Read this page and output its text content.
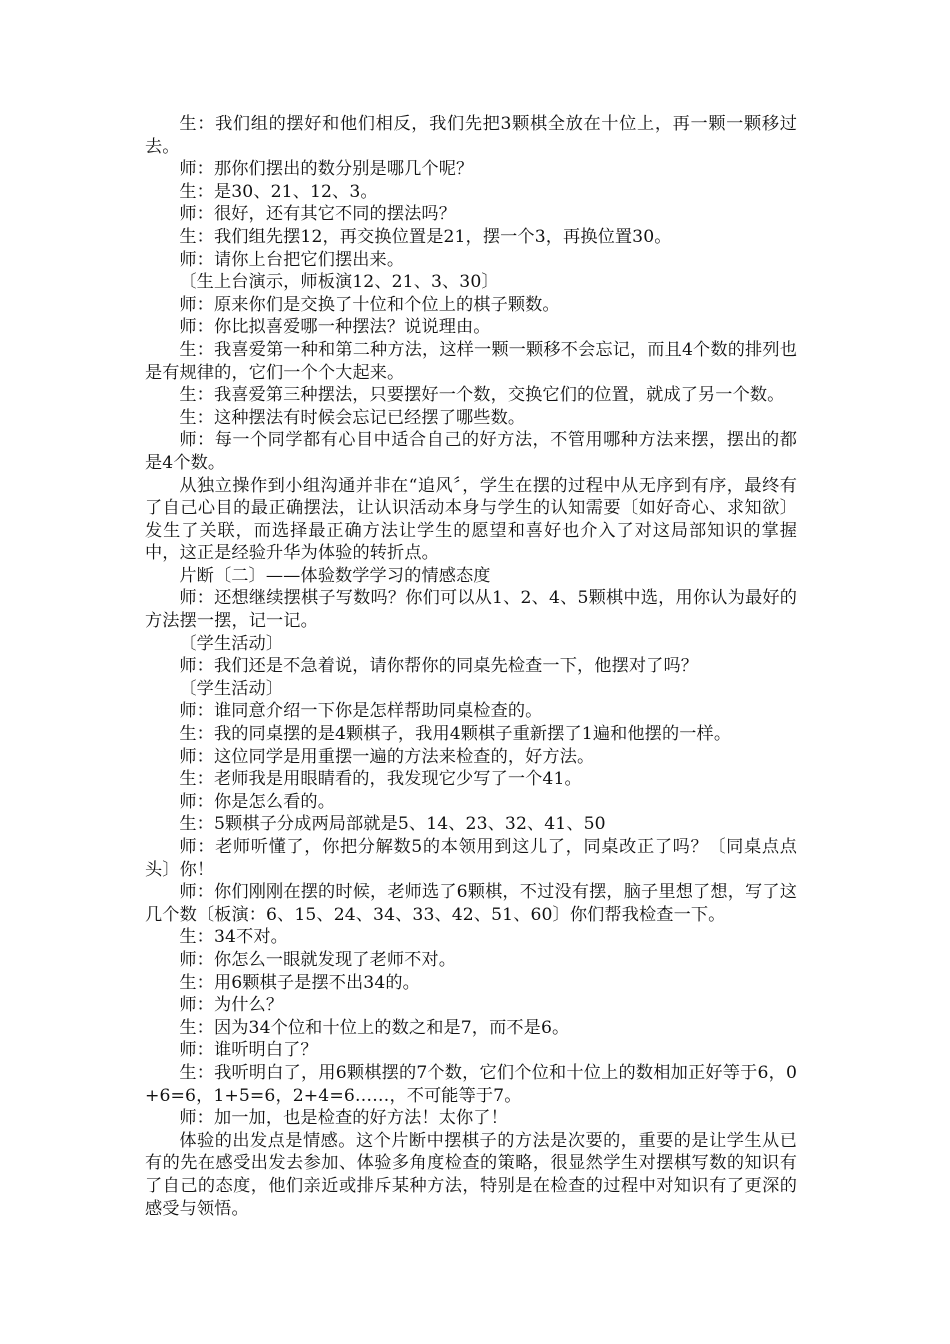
生：我们组的摆好和他们相反，我们先把3颗棋全放在十位上，再一颗一颗移过去。

师：那你们摆出的数分别是哪几个呢？

生：是30、21、12、3。

师：很好，还有其它不同的摆法吗？

生：我们组先摆12，再交换位置是21，摆一个3，再换位置30。

师：请你上台把它们摆出来。

〔生上台演示，师板演12、21、3、30〕

师：原来你们是交换了十位和个位上的棋子颗数。

师：你比拟喜爱哪一种摆法？说说理由。

生：我喜爱第一种和第二种方法，这样一颗一颗移不会忘记，而且4个数的排列也是有规律的，它们一个个大起来。

生：我喜爱第三种摆法，只要摆好一个数，交换它们的位置，就成了另一个数。

生：这种摆法有时候会忘记已经摆了哪些数。

师：每一个同学都有心目中适合自己的好方法，不管用哪种方法来摆，摆出的都是4个数。

从独立操作到小组沟通并非在“追风〞，学生在摆的过程中从无序到有序，最终有了自己心目的最正确摆法，让认识活动本身与学生的认知需要〔如好奇心、求知欲〕发生了关联，而选择最正确方法让学生的愿望和喜好也介入了对这局部知识的掌握中，这正是经验升华为体验的转折点。

片断〔二〕——体验数学学习的情感态度

师：还想继续摆棋子写数吗？你们可以从1、2、4、5颗棋中选，用你认为最好的方法摆一摆，记一记。

〔学生活动〕

师：我们还是不急着说，请你帮你的同桌先检查一下，他摆对了吗？

〔学生活动〕

师：谁同意介绍一下你是怎样帮助同桌检查的。

生：我的同桌摆的是4颗棋子，我用4颗棋子重新摆了1遍和他摆的一样。

师：这位同学是用重摆一遍的方法来检查的，好方法。

生：老师我是用眼睛看的，我发现它少写了一个41。

师：你是怎么看的。

生：5颗棋子分成两局部就是5、14、23、32、41、50

师：老师听懂了，你把分解数5的本领用到这儿了，同桌改正了吗？〔同桌点点头〕你！

师：你们刚刚在摆的时候，老师选了6颗棋，不过没有摆，脑子里想了想，写了这几个数〔板演：6、15、24、34、33、42、51、60〕你们帮我检查一下。

生：34不对。

师：你怎么一眼就发现了老师不对。

生：用6颗棋子是摆不出34的。

师：为什么？

生：因为34个位和十位上的数之和是7，而不是6。

师：谁听明白了？

生：我听明白了，用6颗棋摆的7个数，它们个位和十位上的数相加正好等于6，0+6=6，1+5=6，2+4=6……，不可能等于7。

师：加一加，也是检查的好方法！太你了！

体验的出发点是情感。这个片断中摆棋子的方法是次要的，重要的是让学生从已有的先在感受出发去参加、体验多角度检查的策略，很显然学生对摆棋写数的知识有了自己的态度，他们亲近或排斥某种方法，特别是在检查的过程中对知识有了更深的感受与领悟。
